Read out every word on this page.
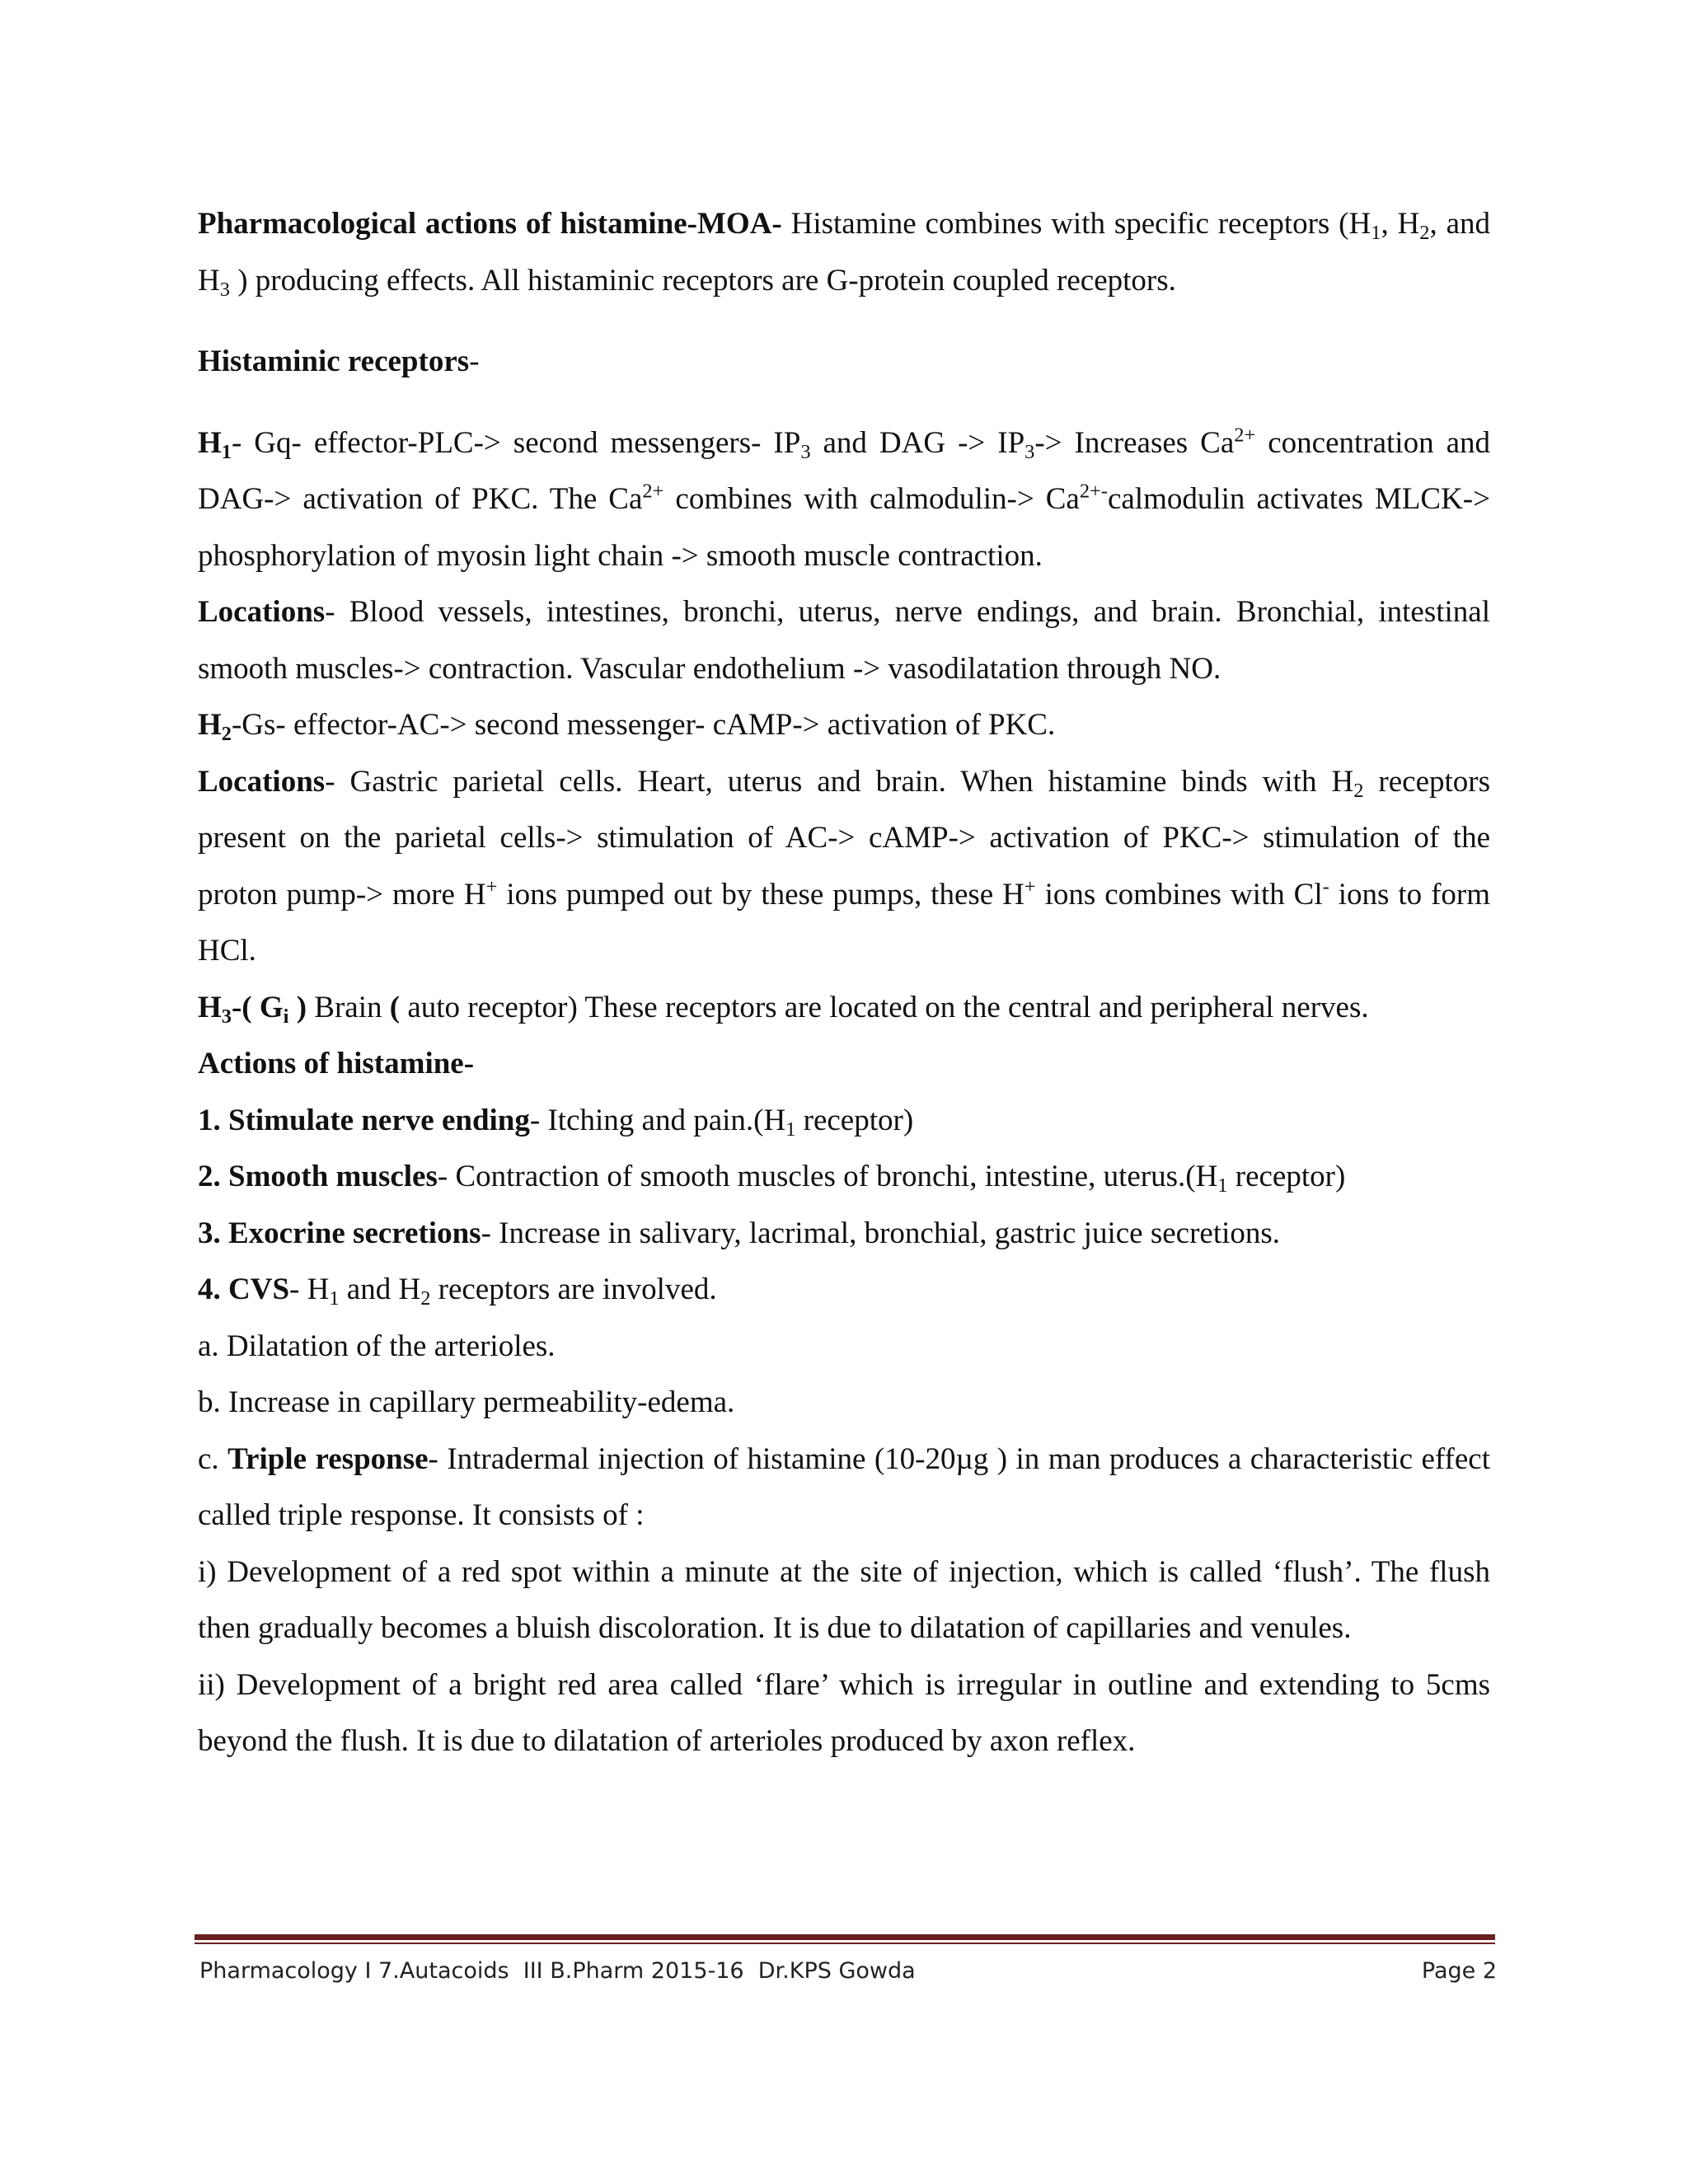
Pharmacological actions of histamine-MOA- Histamine combines with specific receptors ($H_1$, $H_2$, and $H_3$ ) producing effects. All histaminic receptors are G-protein coupled receptors.

Histaminic receptors-

$H_1-$ Gq- effector-PLC-> second messengers- $IP_3$ and DAG -> $IP_3->$ Increases $Ca^{2+}$ concentration and DAG-> activation of PKC. The $Ca^{2+}$ combines with calmodulin-> $Ca^{2+-}calmodulin$ activates MLCK-> phosphorylation of myosin light chain -> smooth muscle contraction.

Locations- Blood vessels, intestines, bronchi, uterus, nerve endings, and brain. Bronchial, intestinal smooth muscles-> contraction. Vascular endothelium -> vasodilatation through NO.

$H_2-Gs-$ effector-AC-> second messenger- cAMP-> activation of PKC.

Locations- Gastric parietal cells. Heart, uterus and brain. When histamine binds with $H_2$ receptors present on the parietal cells-> stimulation of AC-> cAMP-> activation of PKC-> stimulation of the proton pump-> more H+ ions pumped out by these pumps, these H+ ions combines with Cl- ions to form HCl.

$H_3-$( $G_i$ ) Brain ( auto receptor) These receptors are located on the central and peripheral nerves.

Actions of histamine-

1. Stimulate nerve ending- Itching and $pain.(H_1$ receptor)

2. Smooth muscles- Contraction of smooth muscles of bronchi, intestine, $uterus.(H_1$ receptor)

3. Exocrine secretions- Increase in salivary, lacrimal, bronchial, gastric juice secretions.

4. CVS- $H_1$ and $H_2$ receptors are involved.

a. Dilatation of the arterioles.

b. Increase in capillary permeability-edema.

c. Triple response- Intradermal injection of histamine (10-20µg ) in man produces a characteristic effect called triple response. It consists of :

i) Development of a red spot within a minute at the site of injection, which is called ‘flush’. The flush then gradually becomes a bluish discoloration. It is due to dilatation of capillaries and venules.

ii) Development of a bright red area called ‘flare’ which is irregular in outline and extending to 5cms beyond the flush. It is due to dilatation of arterioles produced by axon reflex.

Pharmacology I 7.Autacoids  III B.Pharm 2015-16  Dr.KPS Gowda	Page 2
